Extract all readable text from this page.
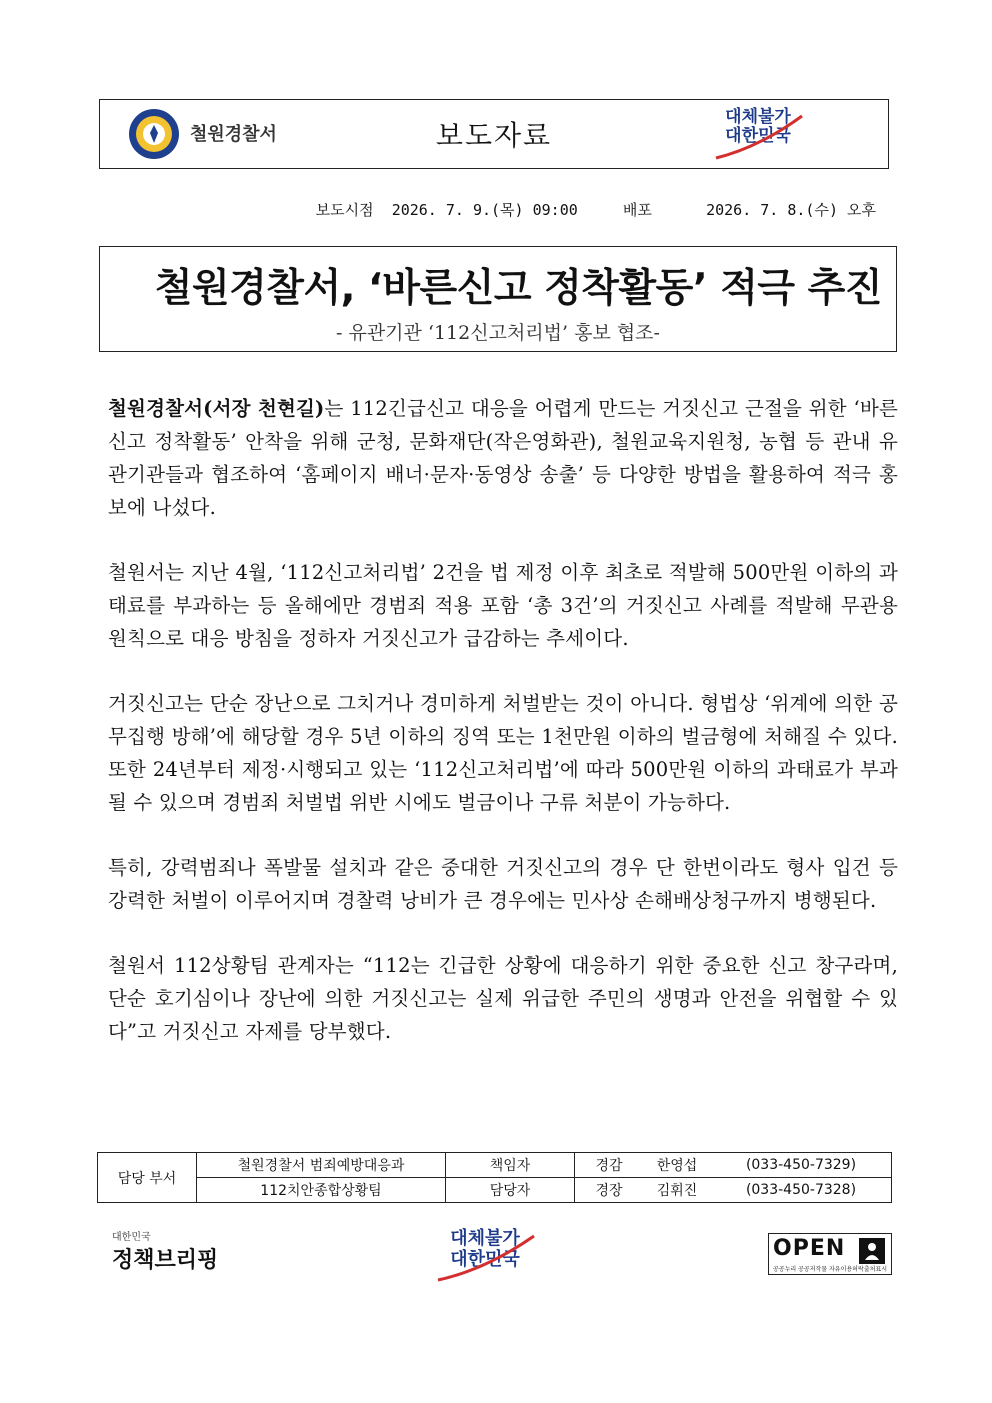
철원경찰서	보도자료
대체불가
대한민국
보도시점 2026. 7. 9.(목) 09:00	배포	2026. 7. 8.(수) 오후
철원경찰서, ‘바른신고 정착활동’ 적극 추진
- 유관기관 ‘112신고처리법’ 홍보 협조-

철원경찰서(서장 천현길)는 112긴급신고 대응을 어렵게 만드는 거짓신고 근절을 위한 ‘바른신고 정착활동’ 안착을 위해 군청, 문화재단(작은영화관), 철원교육지원청, 농협 등 관내 유관기관들과 협조하여 ‘홈페이지 배너·문자·동영상 송출’ 등 다양한 방법을 활용하여 적극 홍보에 나섰다.

철원서는 지난 4월, ‘112신고처리법’ 2건을 법 제정 이후 최초로 적발해 500만원 이하의 과태료를 부과하는 등 올해에만 경범죄 적용 포함 ‘총 3건’의 거짓신고 사례를 적발해 무관용 원칙으로 대응 방침을 정하자 거짓신고가 급감하는 추세이다.

거짓신고는 단순 장난으로 그치거나 경미하게 처벌받는 것이 아니다. 형법상 ‘위계에 의한 공무집행 방해’에 해당할 경우 5년 이하의 징역 또는 1천만원 이하의 벌금형에 처해질 수 있다. 또한 24년부터 제정·시행되고 있는 ‘112신고처리법’에 따라 500만원 이하의 과태료가 부과될 수 있으며 경범죄 처벌법 위반 시에도 벌금이나 구류 처분이 가능하다.

특히, 강력범죄나 폭발물 설치과 같은 중대한 거짓신고의 경우 단 한번이라도 형사 입건 등 강력한 처벌이 이루어지며 경찰력 낭비가 큰 경우에는 민사상 손해배상청구까지 병행된다.

철원서 112상황팀 관계자는 “112는 긴급한 상황에 대응하기 위한 중요한 신고 창구라며, 단순 호기심이나 장난에 의한 거짓신고는 실제 위급한 주민의 생명과 안전을 위협할 수 있다”고 거짓신고 자제를 당부했다.

담당 부서	철원경찰서 범죄예방대응과	책임자	경감	한영섭	(033-450-7329)
	112치안종합상황팀	담당자	경장	김휘진	(033-450-7328)
대한민국
정책브리핑
대체불가
대한민국	OPEN
공공누리 공공저작물 자유이용허락 출처표시
